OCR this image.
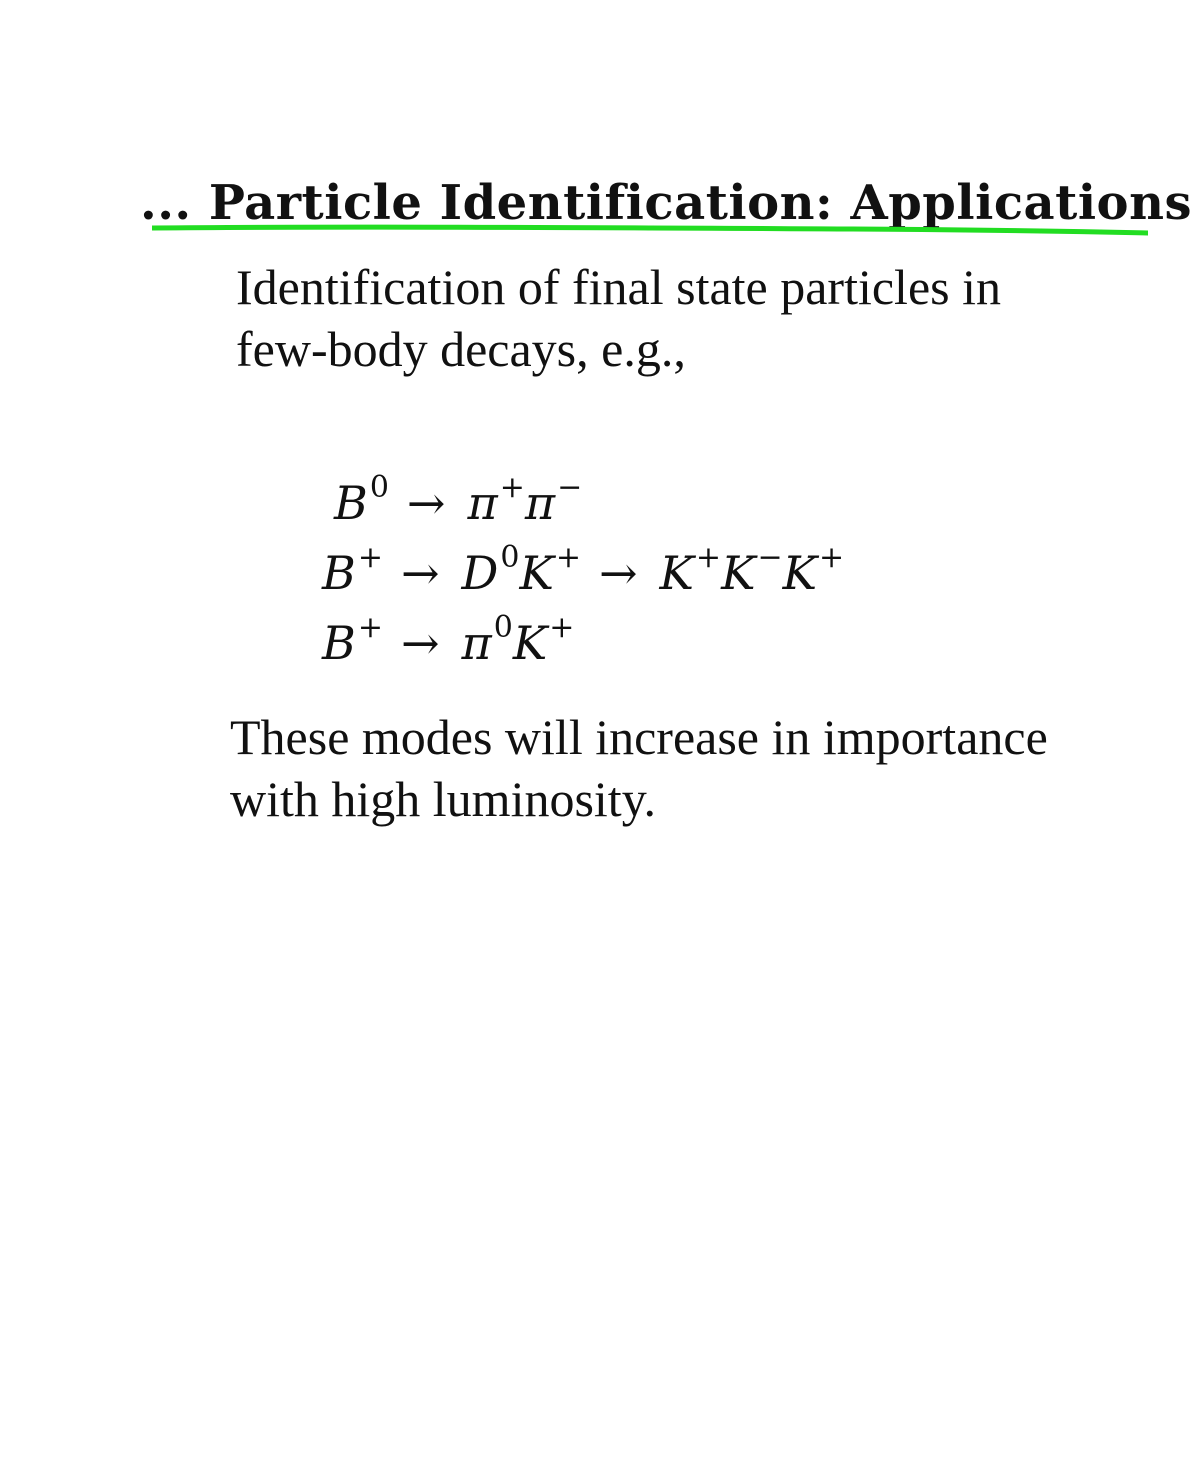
... Particle Identification: Applications
Identification of final state particles in
few-body decays, e.g.,
$B^0 \to \pi^+\pi^-$
$B^+ \to D^0K^+ \to K^+K^-K^+$
$B^+ \to \pi^0K^+$
These modes will increase in importance
with high luminosity.
